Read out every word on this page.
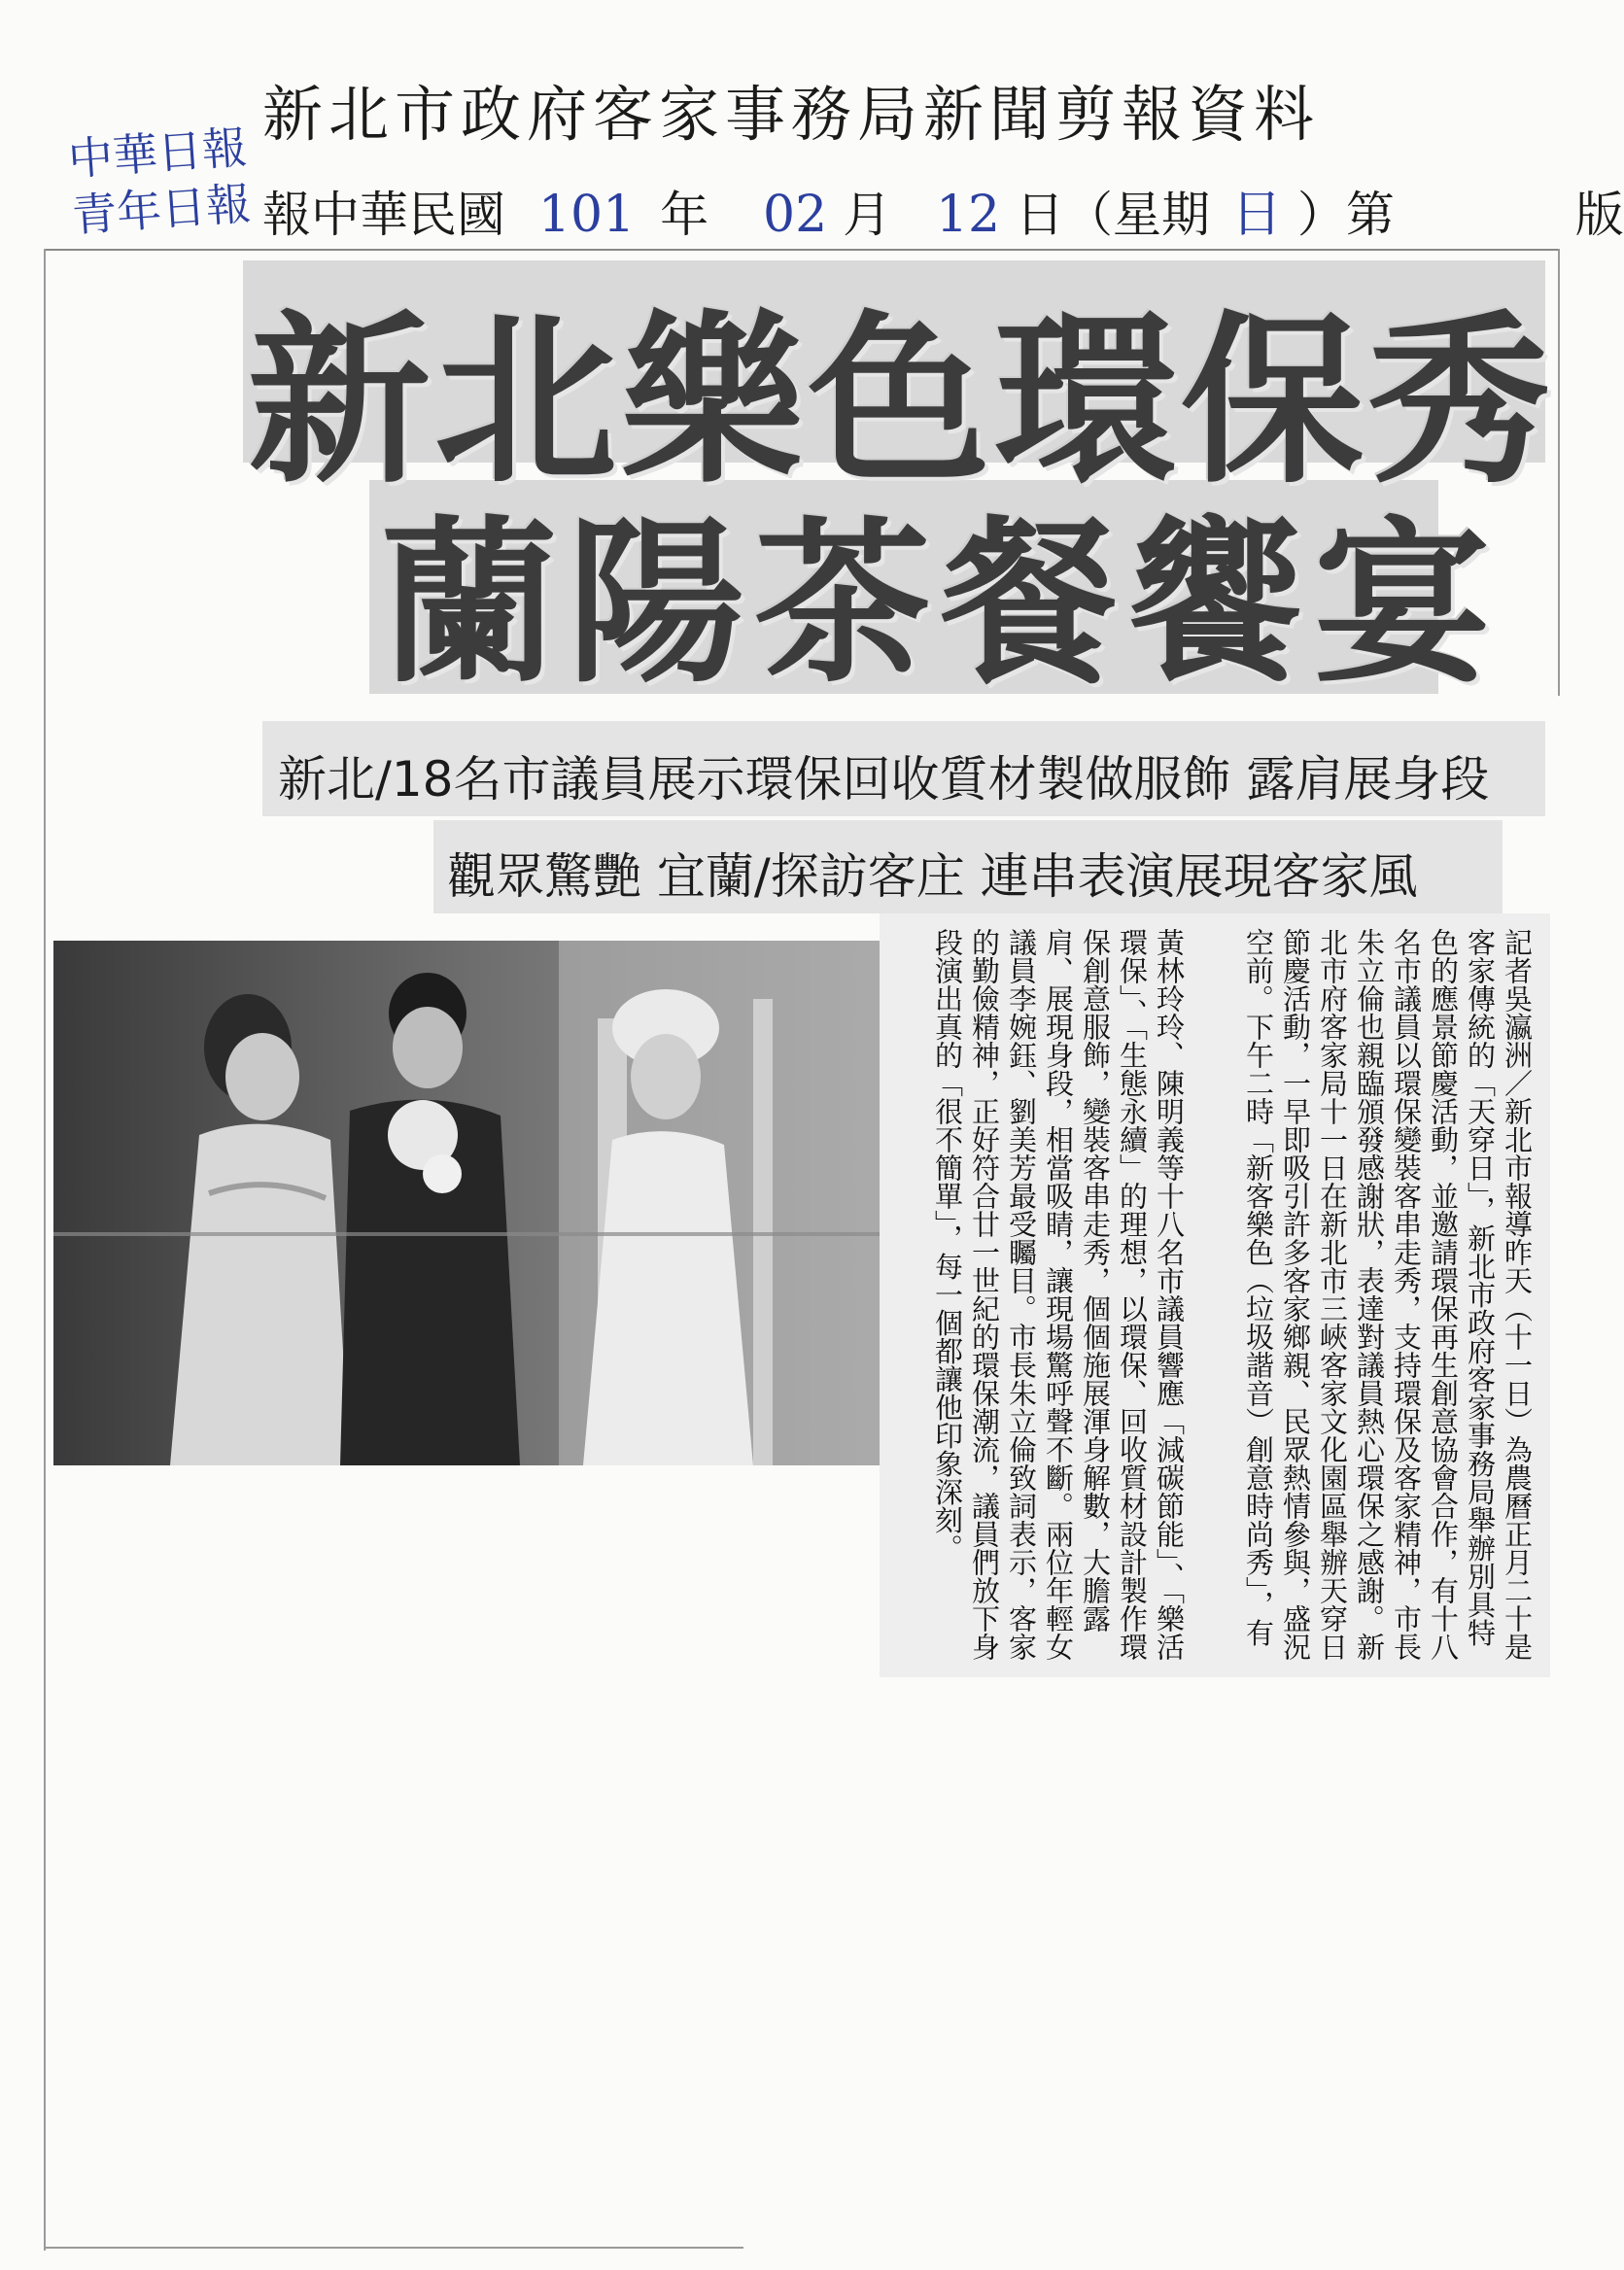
新北市政府客家事務局新聞剪報資料
中華日報
青年日報 報中華民國 101 年 02 月 12 日（星期 日 ）第	版
新北樂色環保秀
蘭陽茶餐饗宴
新北/18名市議員展示環保回收質材製做服飾 露肩展身段
觀眾驚艷 宜蘭/探訪客庄 連串表演展現客家風
記者吳瀛洲／新北市報導昨天（十一日）為農曆正月二十是客家傳統的「天穿日」，新北市政府客家事務局舉辦別具特色的應景節慶活動，並邀請環保再生創意協會合作，有十八名市議員以環保變裝客串走秀，支持環保及客家精神，市長朱立倫也親臨頒發感謝狀，表達對議員熱心環保之感謝。新北市府客家局十一日在新北市三峽客家文化園區舉辦天穿日節慶活動，一早即吸引許多客家鄉親、民眾熱情參與，盛況空前。下午二時「新客樂色（垃圾諧音）創意時尚秀」，有
黃林玲玲、陳明義等十八名市議員響應「減碳節能」、「樂活環保」、「生態永續」的理想，以環保、回收質材設計製作環保創意服飾，變裝客串走秀，個個施展渾身解數，大膽露肩、展現身段，相當吸睛，讓現場驚呼聲不斷。兩位年輕女議員李婉鈺、劉美芳最受矚目。市長朱立倫致詞表示，客家的勤儉精神，正好符合廿一世紀的環保潮流，議員們放下身段演出真的「很不簡單」，每一個都讓他印象深刻。
